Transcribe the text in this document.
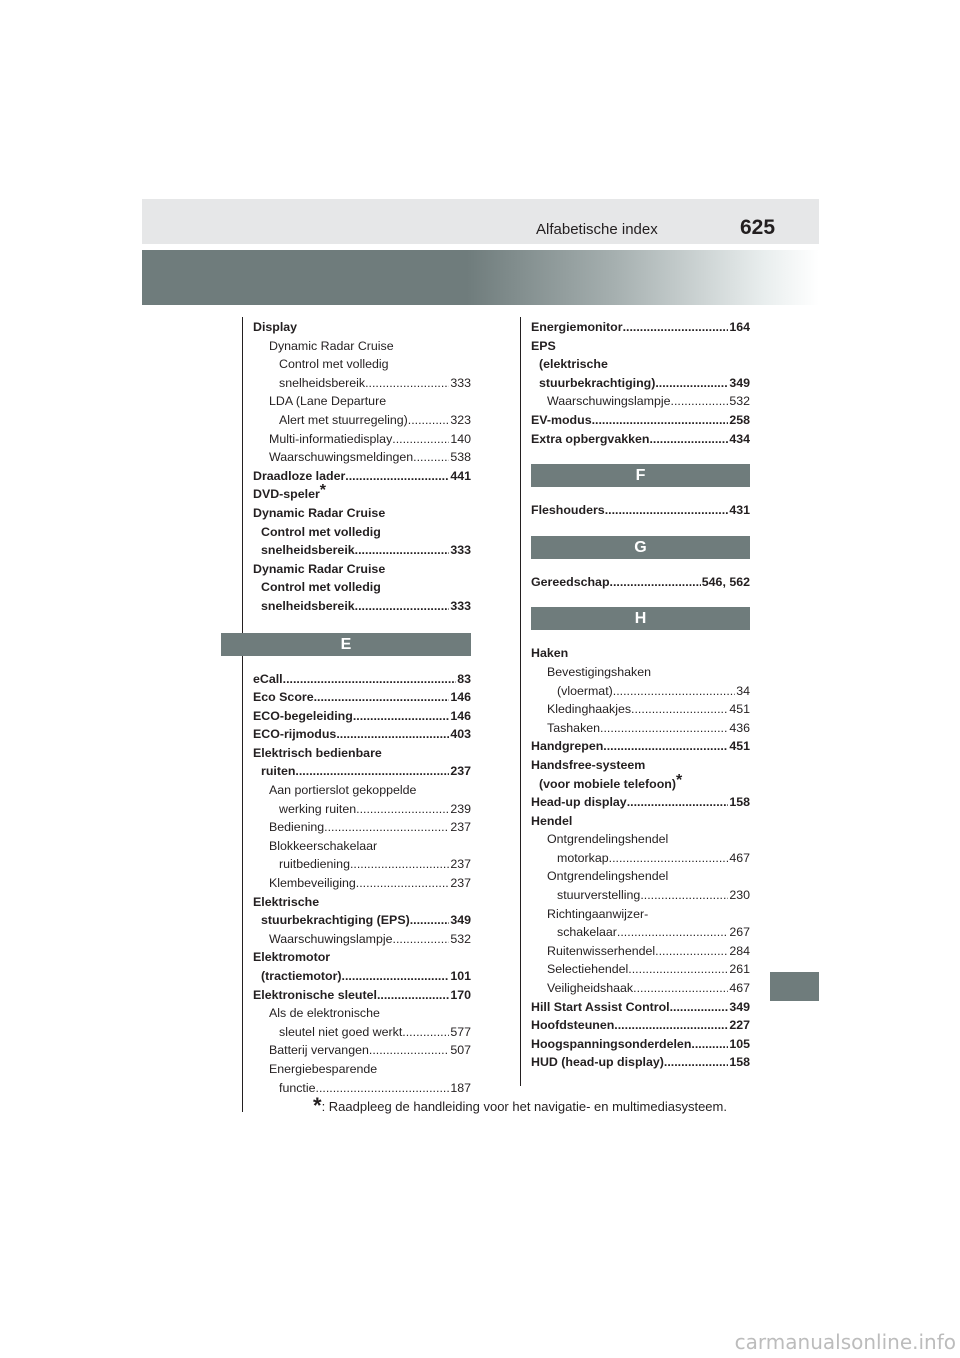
Alfabetische index	625
Display
Dynamic Radar Cruise
Control met volledig
snelheidsbereik .....	333
LDA (Lane Departure
Alert met stuurregeling) .....	323
Multi-informatiedisplay .....	140
Waarschuwingsmeldingen .....	538
Draadloze lader .....	441
DVD-speler*
Dynamic Radar Cruise
Control met volledig
snelheidsbereik .....	333
Dynamic Radar Cruise
Control met volledig
snelheidsbereik .....	333
E
eCall .....	83
Eco Score .....	146
ECO-begeleiding .....	146
ECO-rijmodus .....	403
Elektrisch bedienbare
ruiten .....	237
Aan portierslot gekoppelde
werking ruiten .....	239
Bediening .....	237
Blokkeerschakelaar
ruitbediening .....	237
Klembeveiliging .....	237
Elektrische
stuurbekrachtiging (EPS) .....	349
Waarschuwingslampje .....	532
Elektromotor
(tractiemotor) .....	101
Elektronische sleutel .....	170
Als de elektronische
sleutel niet goed werkt .....	577
Batterij vervangen .....	507
Energiebesparende
functie .....	187
Energiemonitor .....	164
EPS
(elektrische
stuurbekrachtiging) .....	349
Waarschuwingslampje .....	532
EV-modus .....	258
Extra opbergvakken .....	434
F
Fleshouders .....	431
G
Gereedschap .....	546, 562
H
Haken
Bevestigingshaken
(vloermat) .....	34
Kledinghaakjes .....	451
Tashaken .....	436
Handgrepen .....	451
Handsfree-systeem
(voor mobiele telefoon)*
Head-up display .....	158
Hendel
Ontgrendelingshendel
motorkap .....	467
Ontgrendelingshendel
stuurverstelling .....	230
Richtingaanwijzer-
schakelaar .....	267
Ruitenwisserhendel .....	284
Selectiehendel .....	261
Veiligheidshaak .....	467
Hill Start Assist Control .....	349
Hoofdsteunen .....	227
Hoogspanningsonderdelen .....	105
HUD (head-up display) .....	158
*: Raadpleeg de handleiding voor het navigatie- en multimediasysteem.
carmanualsonline.info
